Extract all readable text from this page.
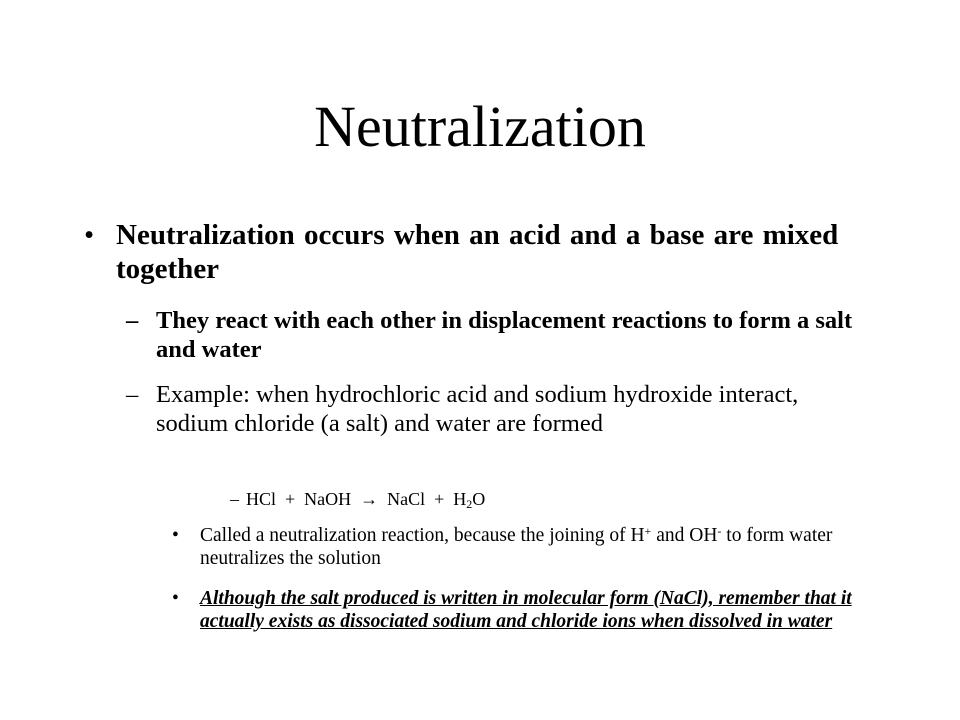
Neutralization
• Neutralization occurs when an acid and a base are mixed together
– They react with each other in displacement reactions to form a salt and water
– Example: when hydrochloric acid and sodium hydroxide interact, sodium chloride (a salt) and water are formed
– HCl  +  NaOH  →  NaCl  +  $H_2O$
• Called a neutralization reaction, because the joining of H+ and OH- to form water neutralizes the solution
• Although the salt produced is written in molecular form (NaCl), remember that it actually exists as dissociated sodium and chloride ions when dissolved in water
